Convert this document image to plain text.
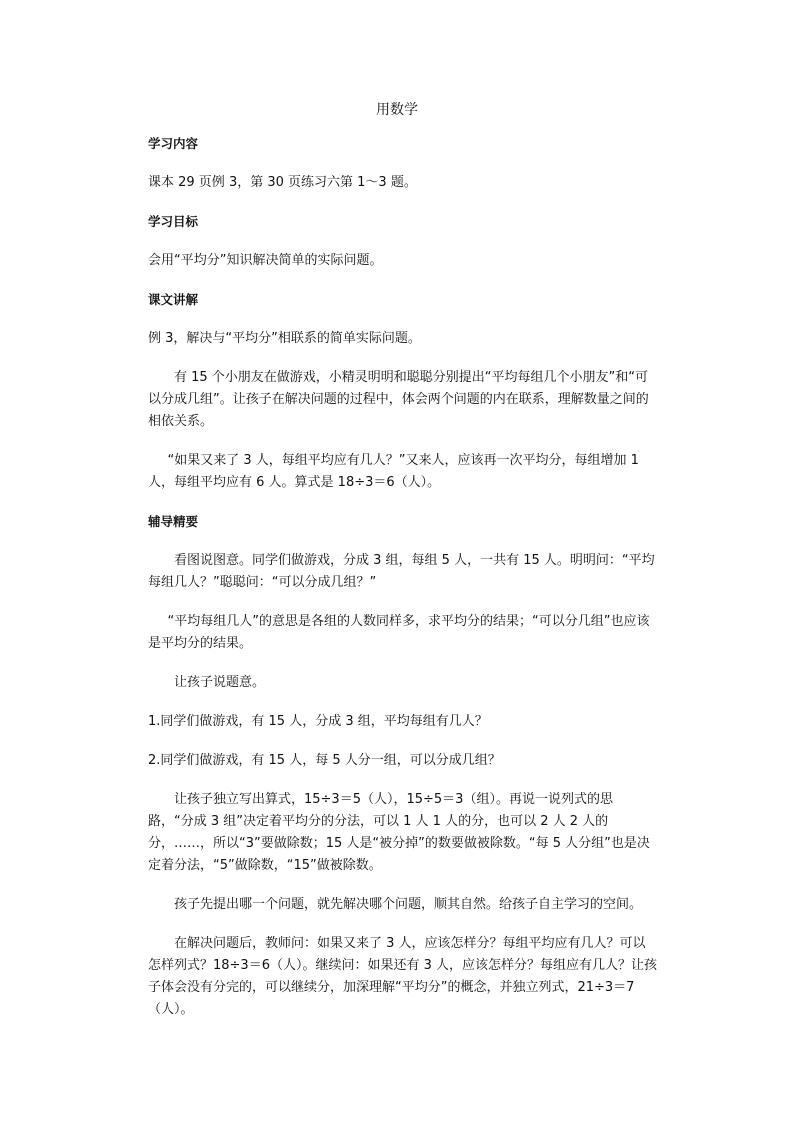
用数学

学习内容

课本 29 页例 3，第 30 页练习六第 1～3 题。

学习目标

会用“平均分”知识解决简单的实际问题。

课文讲解

例 3，解决与“平均分”相联系的简单实际问题。

有 15 个小朋友在做游戏，小精灵明明和聪聪分别提出“平均每组几个小朋友”和“可以分成几组”。让孩子在解决问题的过程中，体会两个问题的内在联系，理解数量之间的相依关系。

“如果又来了 3 人，每组平均应有几人？”又来人，应该再一次平均分，每组增加 1 人，每组平均应有 6 人。算式是 18÷3＝6（人）。

辅导精要

看图说图意。同学们做游戏，分成 3 组，每组 5 人，一共有 15 人。明明问：“平均每组几人？”聪聪问：“可以分成几组？”

“平均每组几人”的意思是各组的人数同样多，求平均分的结果；“可以分几组”也应该是平均分的结果。

让孩子说题意。

1.同学们做游戏，有 15 人，分成 3 组，平均每组有几人？

2.同学们做游戏，有 15 人，每 5 人分一组，可以分成几组？

让孩子独立写出算式，15÷3＝5（人），15÷5＝3（组）。再说一说列式的思路，“分成 3 组”决定着平均分的分法，可以 1 人 1 人的分，也可以 2 人 2 人的分，……，所以“3”要做除数；15 人是“被分掉”的数要做被除数。“每 5 人分组”也是决定着分法，“5”做除数，“15”做被除数。

孩子先提出哪一个问题，就先解决哪个问题，顺其自然。给孩子自主学习的空间。

在解决问题后，教师问：如果又来了 3 人，应该怎样分？每组平均应有几人？可以怎样列式？18÷3＝6（人）。继续问：如果还有 3 人，应该怎样分？每组应有几人？让孩子体会没有分完的，可以继续分，加深理解“平均分”的概念，并独立列式，21÷3＝7（人）。
